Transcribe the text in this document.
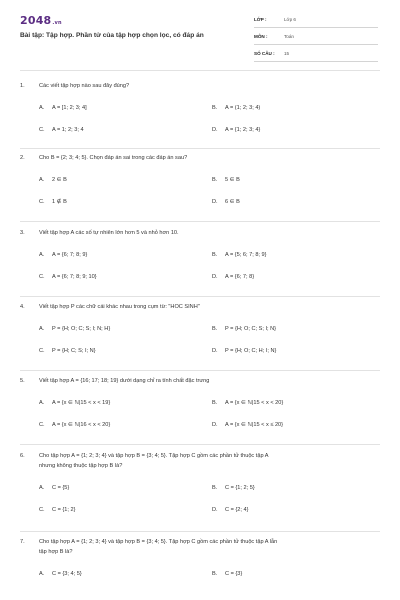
2048.vn
Bài tập: Tập hợp. Phần tử của tập hợp chọn lọc, có đáp án
LỚP :	Lớp 6
MÔN :	Toán
SỐ CÂU : 15
1.	Các viết tập hợp nào sau đây đúng?
A. A = [1; 2; 3; 4]	B. A = (1; 2; 3; 4)
C. A = 1; 2; 3; 4	D. A = {1; 2; 3; 4}
2.	Cho B = {2; 3; 4; 5}. Chọn đáp án sai trong các đáp án sau?
A. 2 ∈ B	B. 5 ∈ B
C. 1 ∉ B	D. 6 ∈ B
3.	Viết tập hợp A các số tự nhiên lớn hơn 5 và nhỏ hơn 10.
A. A = {6; 7; 8; 9}	B. A = {5; 6; 7; 8; 9}
C. A = {6; 7; 8; 9; 10}	D. A = {6; 7; 8}
4.	Viết tập hợp P các chữ cái khác nhau trong cụm từ: "HOC SINH"
A. P = {H; O; C; S; I; N; H}	B. P = {H; O; C; S; I; N}
C. P = {H; C; S; I; N}	D. P = {H; O; C; H; I; N}
5.	Viết tập hợp A = {16; 17; 18; 19} dưới dạng chỉ ra tính chất đặc trưng
A. A = {x ∈ ℕ|15 < x < 19}	B. A = {x ∈ ℕ|15 < x < 20}
C. A = {x ∈ ℕ|16 < x < 20}	D. A = {x ∈ ℕ|15 < x ≤ 20}
6.	Cho tập hợp A = {1; 2; 3; 4} và tập hợp B = {3; 4; 5}. Tập hợp C gồm các phần tử thuộc tập A
nhưng không thuộc tập hợp B là?
A. C = {5}	B. C = {1; 2; 5}
C. C = {1; 2}	D. C = {2; 4}
7.	Cho tập hợp A = {1; 2; 3; 4} và tập hợp B = {3; 4; 5}. Tập hợp C gồm các phần tử thuộc tập A lẫn
tập hợp B là?
A. C = {3; 4; 5}	B. C = {3}
